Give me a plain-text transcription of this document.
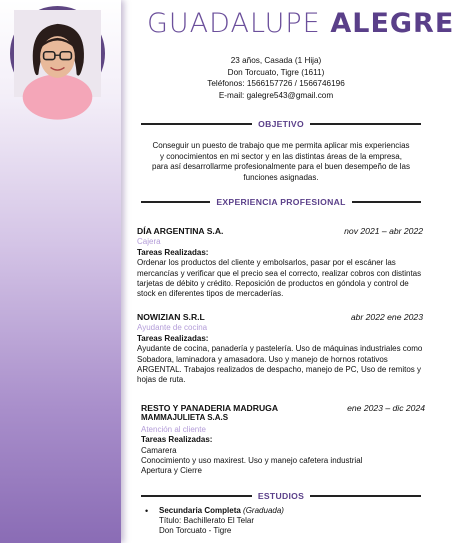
GUADALUPE ALEGRE
23 años, Casada (1 Hija)
Don Torcuato, Tigre (1611)
Teléfonos: 1566157726 / 1566746196
E-mail: galegre543@gmail.com
OBJETIVO
Conseguir un puesto de trabajo que me permita aplicar mis experiencias y conocimientos en mi sector y en las distintas áreas de la empresa, para así desarrollarme profesionalmente para el buen desempeño de las funciones asignadas.
EXPERIENCIA PROFESIONAL
DÍA ARGENTINA S.A.	nov 2021 – abr 2022
Cajera
Tareas Realizadas:
Ordenar los productos del cliente y embolsarlos, pasar por el escáner las mercancías y verificar que el precio sea el correcto, realizar cobros con distintas tarjetas de débito y crédito. Reposición de productos en góndola y control de stock en diferentes tipos de mercaderías.
NOWIZIAN S.R.L	abr 2022 ene 2023
Ayudante de cocina
Tareas Realizadas:
Ayudante de cocina, panadería y pastelería. Uso de máquinas industriales como Sobadora, laminadora y amasadora. Uso y manejo de hornos rotativos ARGENTAL. Trabajos realizados de despacho, manejo de PC, Uso de remitos y hojas de ruta.
RESTO Y PANADERIA MADRUGA	ene 2023 – dic 2024
MAMMAJULIETA S.A.S
Atención al cliente
Tareas Realizadas:
Camarera
Conocimiento y uso maxirest. Uso y manejo cafetera industrial
Apertura y Cierre
ESTUDIOS
•	Secundaria Completa (Graduada)
Título: Bachillerato El Telar
Don Torcuato - Tigre
